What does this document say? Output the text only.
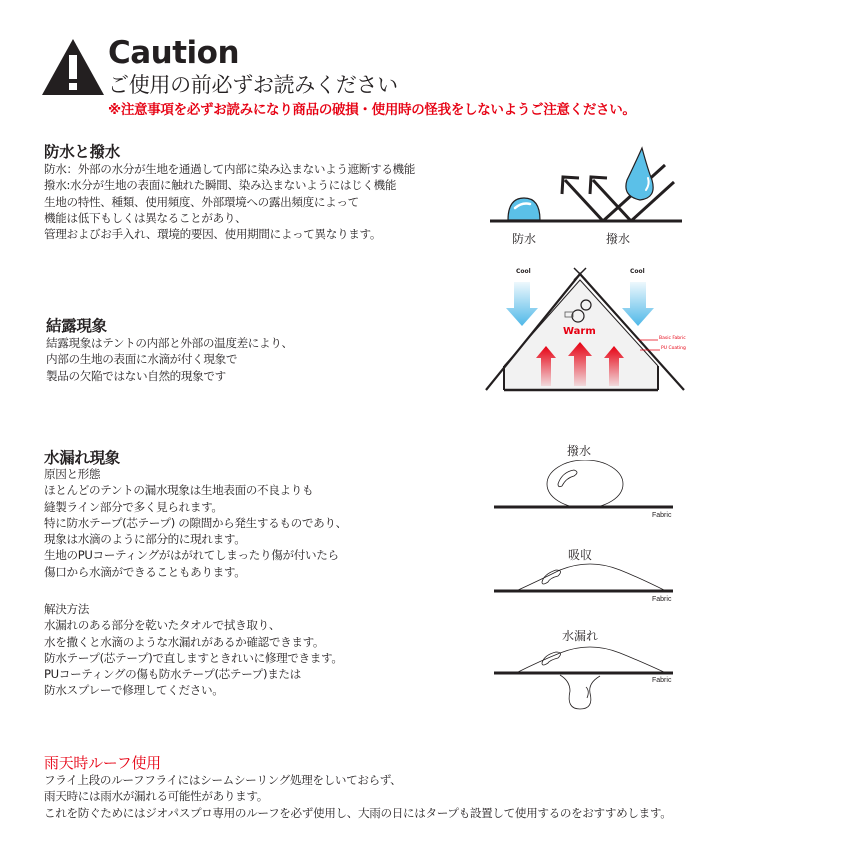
Caution
ご使用の前必ずお読みください
※注意事項を必ずお読みになり商品の破損・使用時の怪我をしないようご注意ください。
防水と撥水
防水：外部の水分が生地を通過して内部に染み込まないよう遮断する機能
撥水:水分が生地の表面に触れた瞬間、染み込まないようにはじく機能
生地の特性、種類、使用頻度、外部環境への露出頻度によって
機能は低下もしくは異なることがあり、
管理およびお手入れ、環境的要因、使用期間によって異なります。	防水	撥水
結露現象
結露現象はテントの内部と外部の温度差により、
内部の生地の表面に水滴が付く現象で
製品の欠陥ではない自然的現象です
Cool	Cool
Warm
Basic Fabric
PU Coating
水漏れ現象
原因と形態
ほとんどのテントの漏水現象は生地表面の不良よりも
縫製ライン部分で多く見られます。
特に防水テープ(芯テープ) の隙間から発生するものであり、
現象は水滴のように部分的に現れます。
生地のPUコーティングがはがれてしまったり傷が付いたら
傷口から水滴ができることもあります。
解決方法
水漏れのある部分を乾いたタオルで拭き取り、
水を撒くと水滴のような水漏れがあるか確認できます。
防水テープ(芯テープ)で直しますときれいに修理できます。
PUコーティングの傷も防水テープ(芯テープ)または
防水スプレーで修理してください。
撥水
Fabric
吸収
Fabric
水漏れ
Fabric
雨天時ルーフ使用
フライ上段のルーフフライにはシームシーリング処理をしいておらず、
雨天時には雨水が漏れる可能性があります。
これを防ぐためにはジオパスプロ専用のルーフを必ず使用し、大雨の日にはタープも設置して使用するのをおすすめします。
